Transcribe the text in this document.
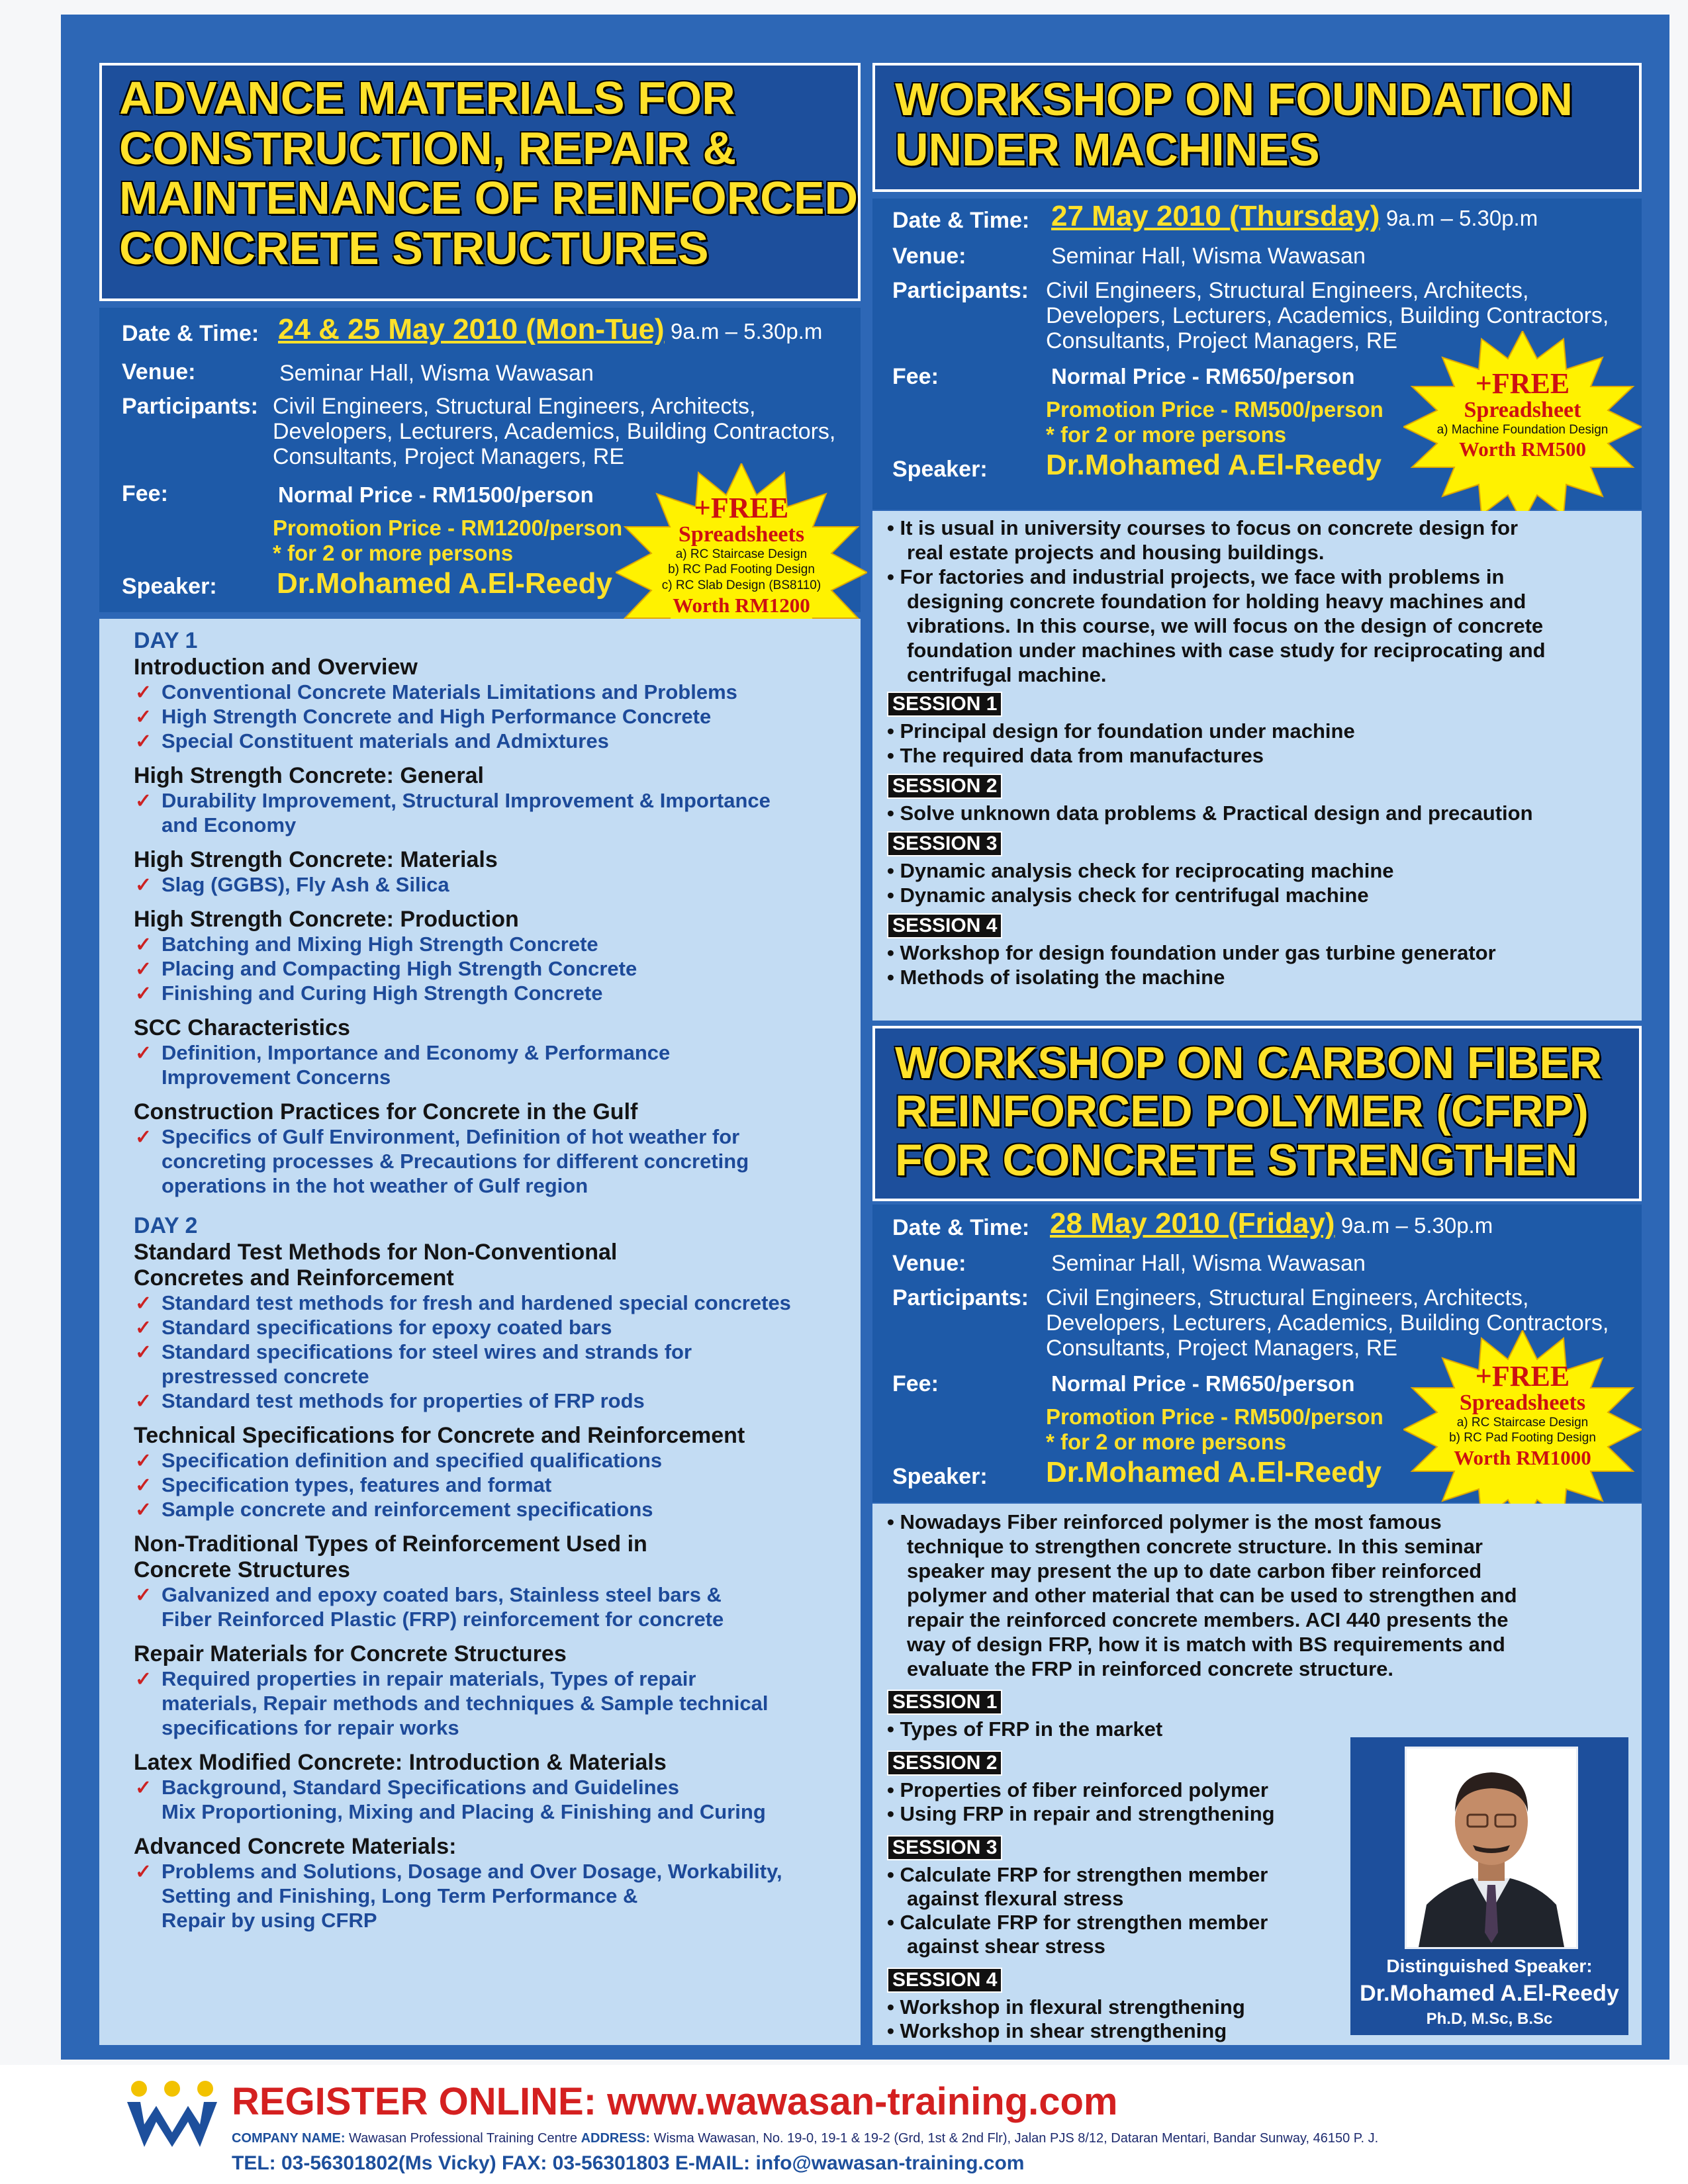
ADVANCE MATERIALS FOR
CONSTRUCTION, REPAIR &
MAINTENANCE OF REINFORCED
CONCRETE STRUCTURES
Date & Time: 24 & 25 May 2010 (Mon-Tue) 9a.m – 5.30p.m
Venue:	Seminar Hall, Wisma Wawasan
Participants: Civil Engineers, Structural Engineers, Architects,
Developers, Lecturers, Academics, Building Contractors,
Consultants, Project Managers, RE
Fee:	Normal Price - RM1500/person
Promotion Price - RM1200/person
* for 2 or more persons
Speaker: Dr.Mohamed A.El-Reedy
+FREE
Spreadsheets
a) RC Staircase Design
b) RC Pad Footing Design
c) RC Slab Design (BS8110)
Worth RM1200
DAY 1
Introduction and Overview
✓ Conventional Concrete Materials Limitations and Problems
✓ High Strength Concrete and High Performance Concrete
✓ Special Constituent materials and Admixtures
High Strength Concrete: General
✓ Durability Improvement, Structural Improvement & Importance
and Economy
High Strength Concrete: Materials
✓ Slag (GGBS), Fly Ash & Silica
High Strength Concrete: Production
✓ Batching and Mixing High Strength Concrete
✓ Placing and Compacting High Strength Concrete
✓ Finishing and Curing High Strength Concrete
SCC Characteristics
✓ Definition, Importance and Economy & Performance
Improvement Concerns
Construction Practices for Concrete in the Gulf
✓ Specifics of Gulf Environment, Definition of hot weather for
concreting processes & Precautions for different concreting
operations in the hot weather of Gulf region
DAY 2
Standard Test Methods for Non-Conventional
Concretes and Reinforcement
✓ Standard test methods for fresh and hardened special concretes
✓ Standard specifications for epoxy coated bars
✓ Standard specifications for steel wires and strands for
prestressed concrete
✓ Standard test methods for properties of FRP rods
Technical Specifications for Concrete and Reinforcement
✓ Specification definition and specified qualifications
✓ Specification types, features and format
✓ Sample concrete and reinforcement specifications
Non-Traditional Types of Reinforcement Used in
Concrete Structures
✓ Galvanized and epoxy coated bars, Stainless steel bars &
Fiber Reinforced Plastic (FRP) reinforcement for concrete
Repair Materials for Concrete Structures
✓ Required properties in repair materials, Types of repair
materials, Repair methods and techniques & Sample technical
specifications for repair works
Latex Modified Concrete: Introduction & Materials
✓ Background, Standard Specifications and Guidelines
Mix Proportioning, Mixing and Placing & Finishing and Curing
Advanced Concrete Materials:
✓ Problems and Solutions, Dosage and Over Dosage, Workability,
Setting and Finishing, Long Term Performance &
Repair by using CFRP
WORKSHOP ON FOUNDATION
UNDER MACHINES
Date & Time: 27 May 2010 (Thursday) 9a.m – 5.30p.m
Venue:	Seminar Hall, Wisma Wawasan
Participants: Civil Engineers, Structural Engineers, Architects,
Developers, Lecturers, Academics, Building Contractors,
Consultants, Project Managers, RE
Fee:	Normal Price - RM650/person
Promotion Price - RM500/person
* for 2 or more persons
Speaker: Dr.Mohamed A.El-Reedy
+FREE
Spreadsheet
a) Machine Foundation Design
Worth RM500
• It is usual in university courses to focus on concrete design for
real estate projects and housing buildings.
• For factories and industrial projects, we face with problems in
designing concrete foundation for holding heavy machines and
vibrations. In this course, we will focus on the design of concrete
foundation under machines with case study for reciprocating and
centrifugal machine.
SESSION 1
• Principal design for foundation under machine
• The required data from manufactures
SESSION 2
• Solve unknown data problems & Practical design and precaution
SESSION 3
• Dynamic analysis check for reciprocating machine
• Dynamic analysis check for centrifugal machine
SESSION 4
• Workshop for design foundation under gas turbine generator
• Methods of isolating the machine
WORKSHOP ON CARBON FIBER
REINFORCED POLYMER (CFRP)
FOR CONCRETE STRENGTHEN
Date & Time: 28 May 2010 (Friday) 9a.m – 5.30p.m
Venue:	Seminar Hall, Wisma Wawasan
Participants: Civil Engineers, Structural Engineers, Architects,
Developers, Lecturers, Academics, Building Contractors,
Consultants, Project Managers, RE
Fee:	Normal Price - RM650/person
Promotion Price - RM500/person
* for 2 or more persons
Speaker: Dr.Mohamed A.El-Reedy
+FREE
Spreadsheets
a) RC Staircase Design
b) RC Pad Footing Design
Worth RM1000
• Nowadays Fiber reinforced polymer is the most famous
technique to strengthen concrete structure. In this seminar
speaker may present the up to date carbon fiber reinforced
polymer and other material that can be used to strengthen and
repair the reinforced concrete members. ACI 440 presents the
way of design FRP, how it is match with BS requirements and
evaluate the FRP in reinforced concrete structure.
SESSION 1
• Types of FRP in the market
SESSION 2
• Properties of fiber reinforced polymer
• Using FRP in repair and strengthening
SESSION 3
• Calculate FRP for strengthen member
against flexural stress
• Calculate FRP for strengthen member
against shear stress
SESSION 4
• Workshop in flexural strengthening
• Workshop in shear strengthening
Distinguished Speaker:
Dr.Mohamed A.El-Reedy
Ph.D, M.Sc, B.Sc
REGISTER ONLINE: www.wawasan-training.com
COMPANY NAME: Wawasan Professional Training Centre ADDRESS: Wisma Wawasan, No. 19-0, 19-1 & 19-2 (Grd, 1st & 2nd Flr), Jalan PJS 8/12, Dataran Mentari, Bandar Sunway, 46150 P. J.
TEL: 03-56301802(Ms Vicky) FAX: 03-56301803 E-MAIL: info@wawasan-training.com
